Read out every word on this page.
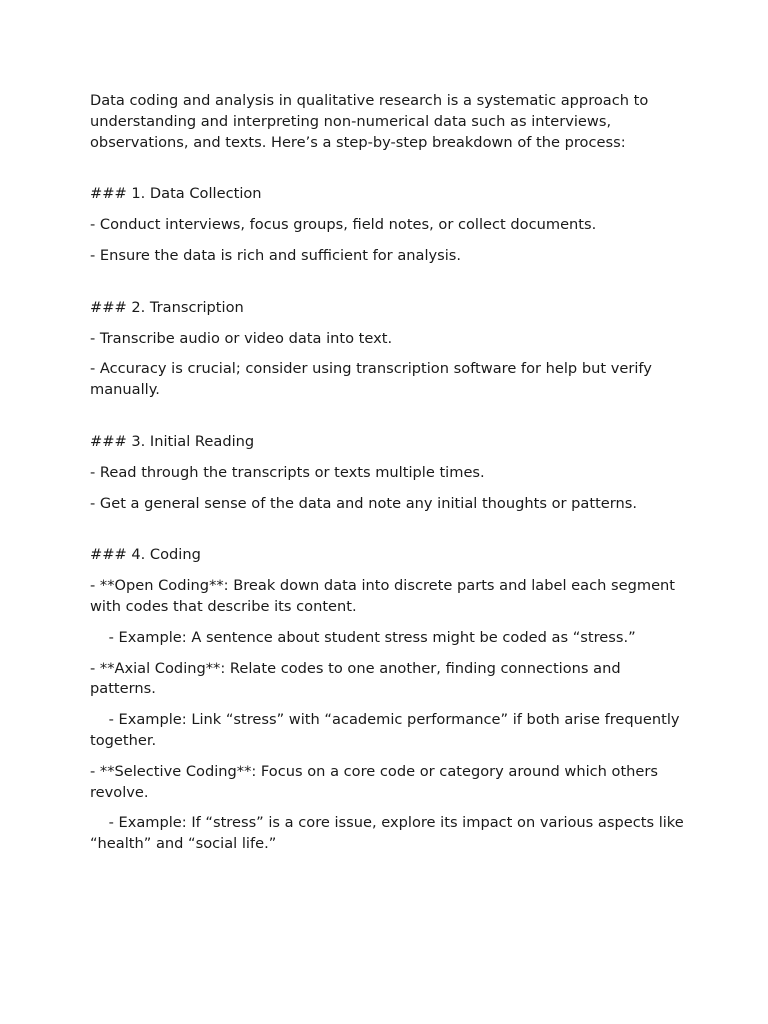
Data coding and analysis in qualitative research is a systematic approach to understanding and interpreting non-numerical data such as interviews, observations, and texts. Here’s a step-by-step breakdown of the process:

### 1. Data Collection

- Conduct interviews, focus groups, field notes, or collect documents.

- Ensure the data is rich and sufficient for analysis.

### 2. Transcription

- Transcribe audio or video data into text.

- Accuracy is crucial; consider using transcription software for help but verify manually.

### 3. Initial Reading

- Read through the transcripts or texts multiple times.

- Get a general sense of the data and note any initial thoughts or patterns.

### 4. Coding

- **Open Coding**: Break down data into discrete parts and label each segment with codes that describe its content.

- Example: A sentence about student stress might be coded as “stress.”

- **Axial Coding**: Relate codes to one another, finding connections and patterns.

- Example: Link “stress” with “academic performance” if both arise frequently together.

- **Selective Coding**: Focus on a core code or category around which others revolve.

- Example: If “stress” is a core issue, explore its impact on various aspects like “health” and “social life.”
